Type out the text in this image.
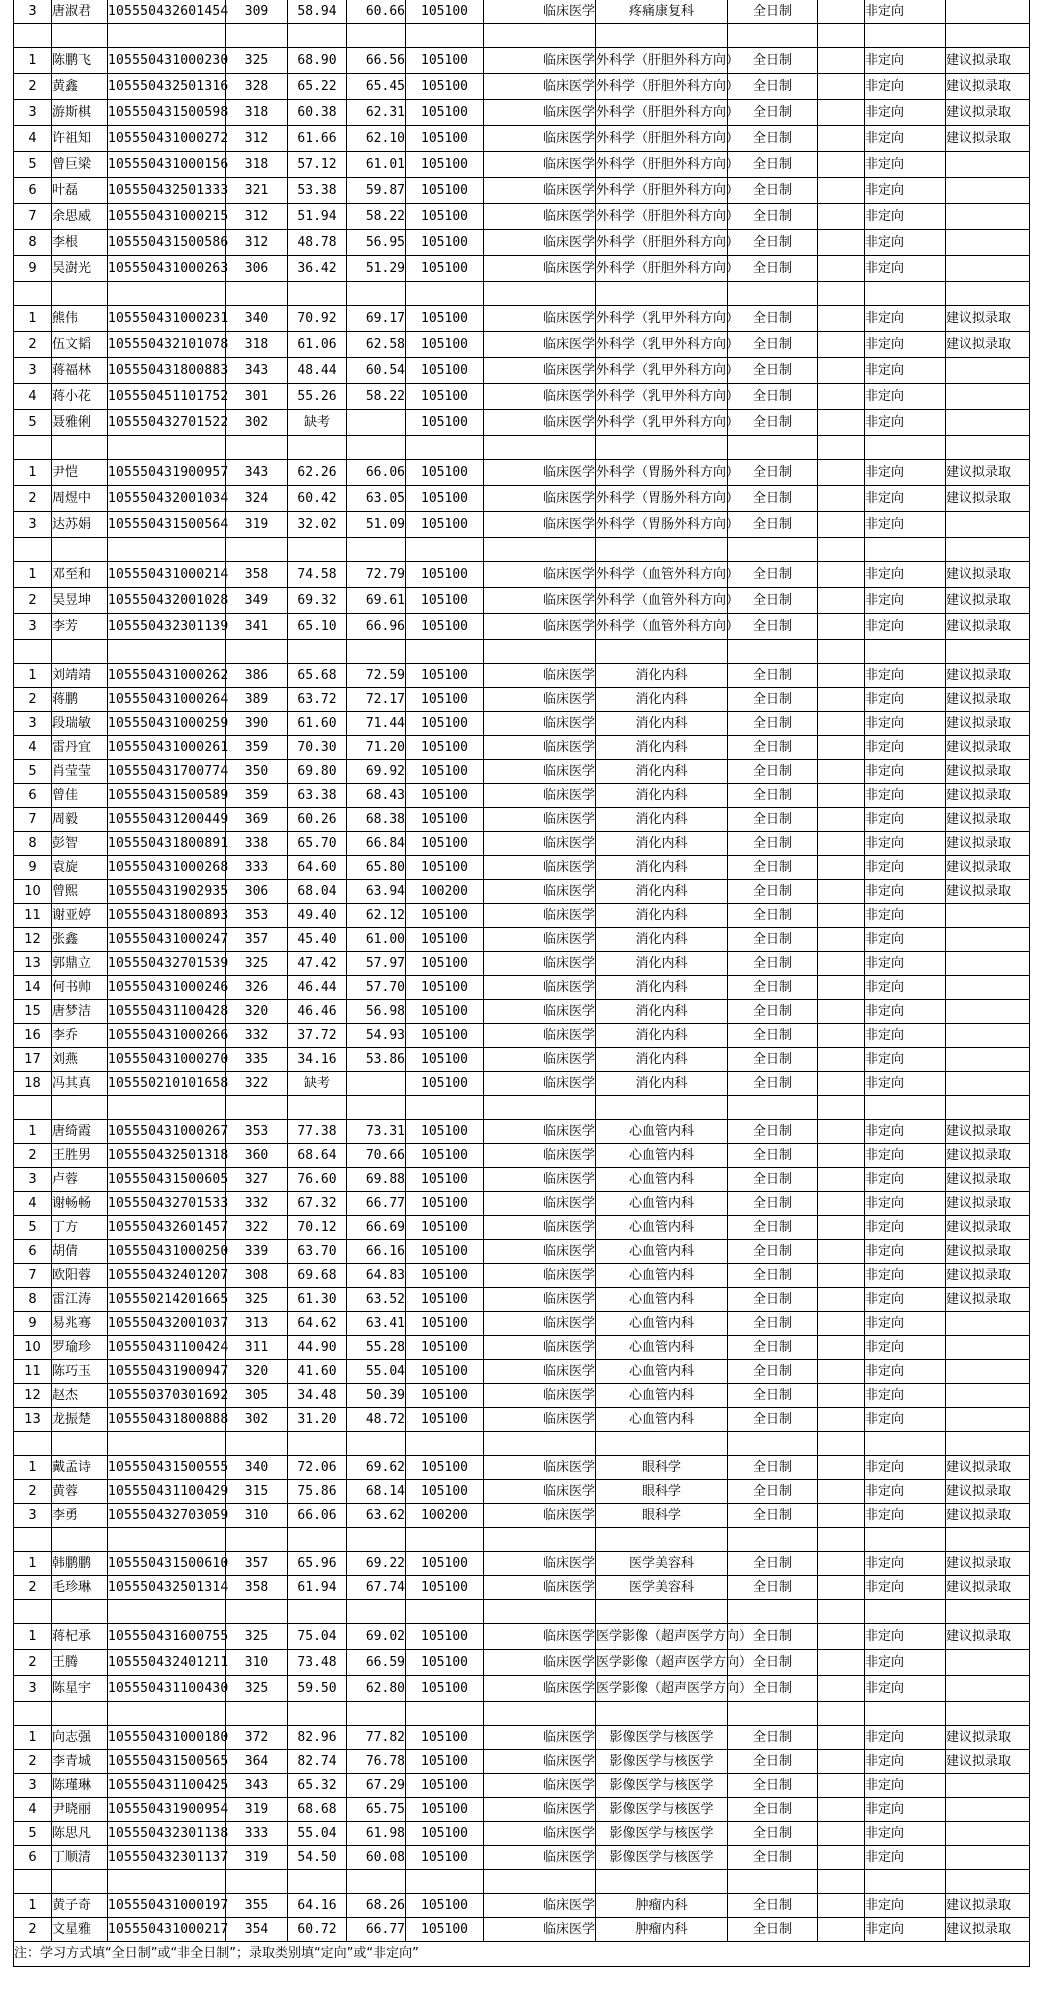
3	唐淑君	105550432601454	309	58.94	60.66	105100	临床医学	疼痛康复科	全日制		非定向	

1	陈鹏飞	105550431000230	325	68.90	66.56	105100	临床医学	外科学（肝胆外科方向）	全日制		非定向	建议拟录取
2	黄鑫	105550432501316	328	65.22	65.45	105100	临床医学	外科学（肝胆外科方向）	全日制		非定向	建议拟录取
3	游斯棋	105550431500598	318	60.38	62.31	105100	临床医学	外科学（肝胆外科方向）	全日制		非定向	建议拟录取
4	许祖知	105550431000272	312	61.66	62.10	105100	临床医学	外科学（肝胆外科方向）	全日制		非定向	建议拟录取
5	曾巨梁	105550431000156	318	57.12	61.01	105100	临床医学	外科学（肝胆外科方向）	全日制		非定向	
6	叶磊	105550432501333	321	53.38	59.87	105100	临床医学	外科学（肝胆外科方向）	全日制		非定向	
7	余思威	105550431000215	312	51.94	58.22	105100	临床医学	外科学（肝胆外科方向）	全日制		非定向	
8	李根	105550431500586	312	48.78	56.95	105100	临床医学	外科学（肝胆外科方向）	全日制		非定向	
9	吴澍光	105550431000263	306	36.42	51.29	105100	临床医学	外科学（肝胆外科方向）	全日制		非定向	

1	熊伟	105550431000231	340	70.92	69.17	105100	临床医学	外科学（乳甲外科方向）	全日制		非定向	建议拟录取
2	伍文韬	105550432101078	318	61.06	62.58	105100	临床医学	外科学（乳甲外科方向）	全日制		非定向	建议拟录取
3	蒋福林	105550431800883	343	48.44	60.54	105100	临床医学	外科学（乳甲外科方向）	全日制		非定向	
4	蒋小花	105550451101752	301	55.26	58.22	105100	临床医学	外科学（乳甲外科方向）	全日制		非定向	
5	聂雅俐	105550432701522	302	缺考		105100	临床医学	外科学（乳甲外科方向）	全日制		非定向	

1	尹恺	105550431900957	343	62.26	66.06	105100	临床医学	外科学（胃肠外科方向）	全日制		非定向	建议拟录取
2	周煜中	105550432001034	324	60.42	63.05	105100	临床医学	外科学（胃肠外科方向）	全日制		非定向	建议拟录取
3	达苏娟	105550431500564	319	32.02	51.09	105100	临床医学	外科学（胃肠外科方向）	全日制		非定向	

1	邓至和	105550431000214	358	74.58	72.79	105100	临床医学	外科学（血管外科方向）	全日制		非定向	建议拟录取
2	吴昱坤	105550432001028	349	69.32	69.61	105100	临床医学	外科学（血管外科方向）	全日制		非定向	建议拟录取
3	李芳	105550432301139	341	65.10	66.96	105100	临床医学	外科学（血管外科方向）	全日制		非定向	建议拟录取

1	刘靖靖	105550431000262	386	65.68	72.59	105100	临床医学	消化内科	全日制		非定向	建议拟录取
2	蒋鹏	105550431000264	389	63.72	72.17	105100	临床医学	消化内科	全日制		非定向	建议拟录取
3	段瑞敏	105550431000259	390	61.60	71.44	105100	临床医学	消化内科	全日制		非定向	建议拟录取
4	雷丹宜	105550431000261	359	70.30	71.20	105100	临床医学	消化内科	全日制		非定向	建议拟录取
5	肖莹莹	105550431700774	350	69.80	69.92	105100	临床医学	消化内科	全日制		非定向	建议拟录取
6	曾佳	105550431500589	359	63.38	68.43	105100	临床医学	消化内科	全日制		非定向	建议拟录取
7	周毅	105550431200449	369	60.26	68.38	105100	临床医学	消化内科	全日制		非定向	建议拟录取
8	彭智	105550431800891	338	65.70	66.84	105100	临床医学	消化内科	全日制		非定向	建议拟录取
9	袁旋	105550431000268	333	64.60	65.80	105100	临床医学	消化内科	全日制		非定向	建议拟录取
10	曾熙	105550431902935	306	68.04	63.94	100200	临床医学	消化内科	全日制		非定向	建议拟录取
11	谢亚婷	105550431800893	353	49.40	62.12	105100	临床医学	消化内科	全日制		非定向	
12	张鑫	105550431000247	357	45.40	61.00	105100	临床医学	消化内科	全日制		非定向	
13	郭鼎立	105550432701539	325	47.42	57.97	105100	临床医学	消化内科	全日制		非定向	
14	何书帅	105550431000246	326	46.44	57.70	105100	临床医学	消化内科	全日制		非定向	
15	唐梦洁	105550431100428	320	46.46	56.98	105100	临床医学	消化内科	全日制		非定向	
16	李乔	105550431000266	332	37.72	54.93	105100	临床医学	消化内科	全日制		非定向	
17	刘燕	105550431000270	335	34.16	53.86	105100	临床医学	消化内科	全日制		非定向	
18	冯其真	105550210101658	322	缺考		105100	临床医学	消化内科	全日制		非定向	

1	唐绮霞	105550431000267	353	77.38	73.31	105100	临床医学	心血管内科	全日制		非定向	建议拟录取
2	王胜男	105550432501318	360	68.64	70.66	105100	临床医学	心血管内科	全日制		非定向	建议拟录取
3	卢蓉	105550431500605	327	76.60	69.88	105100	临床医学	心血管内科	全日制		非定向	建议拟录取
4	谢畅畅	105550432701533	332	67.32	66.77	105100	临床医学	心血管内科	全日制		非定向	建议拟录取
5	丁方	105550432601457	322	70.12	66.69	105100	临床医学	心血管内科	全日制		非定向	建议拟录取
6	胡倩	105550431000250	339	63.70	66.16	105100	临床医学	心血管内科	全日制		非定向	建议拟录取
7	欧阳蓉	105550432401207	308	69.68	64.83	105100	临床医学	心血管内科	全日制		非定向	建议拟录取
8	雷江涛	105550214201665	325	61.30	63.52	105100	临床医学	心血管内科	全日制		非定向	建议拟录取
9	易兆骞	105550432001037	313	64.62	63.41	105100	临床医学	心血管内科	全日制		非定向	
10	罗瑜珍	105550431100424	311	44.90	55.28	105100	临床医学	心血管内科	全日制		非定向	
11	陈巧玉	105550431900947	320	41.60	55.04	105100	临床医学	心血管内科	全日制		非定向	
12	赵杰	105550370301692	305	34.48	50.39	105100	临床医学	心血管内科	全日制		非定向	
13	龙振楚	105550431800888	302	31.20	48.72	105100	临床医学	心血管内科	全日制		非定向	

1	戴孟诗	105550431500555	340	72.06	69.62	105100	临床医学	眼科学	全日制		非定向	建议拟录取
2	黄蓉	105550431100429	315	75.86	68.14	105100	临床医学	眼科学	全日制		非定向	建议拟录取
3	李勇	105550432703059	310	66.06	63.62	100200	临床医学	眼科学	全日制		非定向	建议拟录取

1	韩鹏鹏	105550431500610	357	65.96	69.22	105100	临床医学	医学美容科	全日制		非定向	建议拟录取
2	毛珍琳	105550432501314	358	61.94	67.74	105100	临床医学	医学美容科	全日制		非定向	建议拟录取

1	蒋杞承	105550431600755	325	75.04	69.02	105100	临床医学	医学影像（超声医学方向）	全日制		非定向	建议拟录取
2	王腾	105550432401211	310	73.48	66.59	105100	临床医学	医学影像（超声医学方向）	全日制		非定向	
3	陈星宇	105550431100430	325	59.50	62.80	105100	临床医学	医学影像（超声医学方向）	全日制		非定向	

1	向志强	105550431000180	372	82.96	77.82	105100	临床医学	影像医学与核医学	全日制		非定向	建议拟录取
2	李青城	105550431500565	364	82.74	76.78	105100	临床医学	影像医学与核医学	全日制		非定向	建议拟录取
3	陈瑾琳	105550431100425	343	65.32	67.29	105100	临床医学	影像医学与核医学	全日制		非定向	
4	尹晓丽	105550431900954	319	68.68	65.75	105100	临床医学	影像医学与核医学	全日制		非定向	
5	陈思凡	105550432301138	333	55.04	61.98	105100	临床医学	影像医学与核医学	全日制		非定向	
6	丁顺清	105550432301137	319	54.50	60.08	105100	临床医学	影像医学与核医学	全日制		非定向	

1	黄子奇	105550431000197	355	64.16	68.26	105100	临床医学	肿瘤内科	全日制		非定向	建议拟录取
2	文星雅	105550431000217	354	60.72	66.77	105100	临床医学	肿瘤内科	全日制		非定向	建议拟录取
注：学习方式填“全日制”或“非全日制”；录取类别填“定向”或“非定向”												
